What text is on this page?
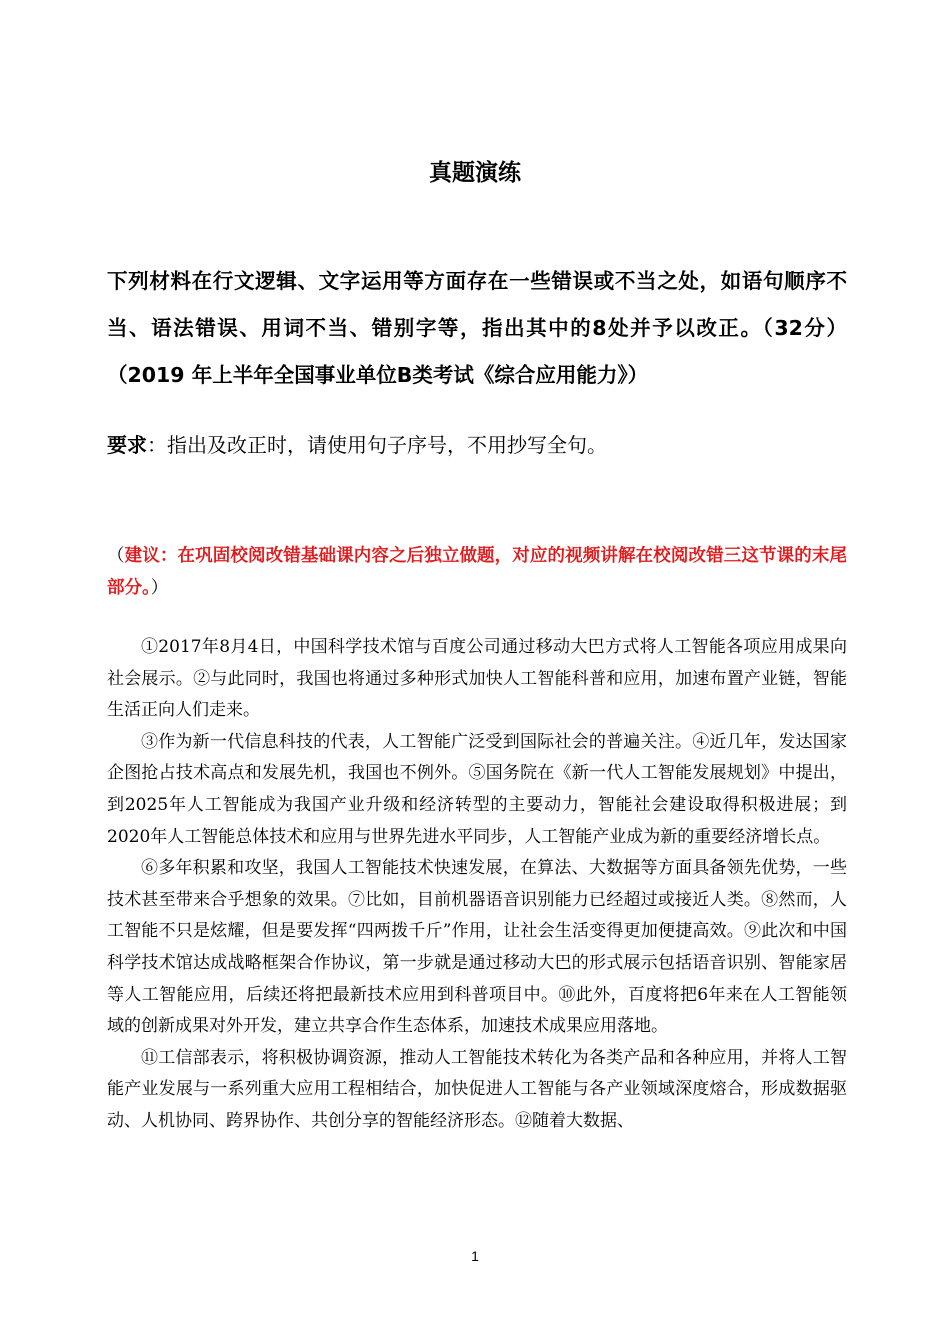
真题演练
下列材料在行文逻辑、文字运用等方面存在一些错误或不当之处，如语句顺序不当、语法错误、用词不当、错别字等，指出其中的8处并予以改正。（32分） （2019 年上半年全国事业单位B类考试《综合应用能力》）
要求：指出及改正时，请使用句子序号，不用抄写全句。
（建议：在巩固校阅改错基础课内容之后独立做题，对应的视频讲解在校阅改错三这节课的末尾部分。）

①2017年8月4日，中国科学技术馆与百度公司通过移动大巴方式将人工智能各项应用成果向社会展示。②与此同时，我国也将通过多种形式加快人工智能科普和应用，加速布置产业链，智能生活正向人们走来。

③作为新一代信息科技的代表，人工智能广泛受到国际社会的普遍关注。④近几年，发达国家企图抢占技术高点和发展先机，我国也不例外。⑤国务院在《新一代人工智能发展规划》中提出，到2025年人工智能成为我国产业升级和经济转型的主要动力，智能社会建设取得积极进展；到2020年人工智能总体技术和应用与世界先进水平同步，人工智能产业成为新的重要经济增长点。

⑥多年积累和攻坚，我国人工智能技术快速发展，在算法、大数据等方面具备领先优势，一些技术甚至带来合乎想象的效果。⑦比如，目前机器语音识别能力已经超过或接近人类。⑧然而，人工智能不只是炫耀，但是要发挥“四两拨千斤”作用，让社会生活变得更加便捷高效。⑨此次和中国科学技术馆达成战略框架合作协议，第一步就是通过移动大巴的形式展示包括语音识别、智能家居等人工智能应用，后续还将把最新技术应用到科普项目中。⑩此外，百度将把6年来在人工智能领域的创新成果对外开发，建立共享合作生态体系，加速技术成果应用落地。

⑪工信部表示，将积极协调资源，推动人工智能技术转化为各类产品和各种应用，并将人工智能产业发展与一系列重大应用工程相结合，加快促进人工智能与各产业领域深度熔合，形成数据驱动、人机协同、跨界协作、共创分享的智能经济形态。⑫随着大数据、

1
